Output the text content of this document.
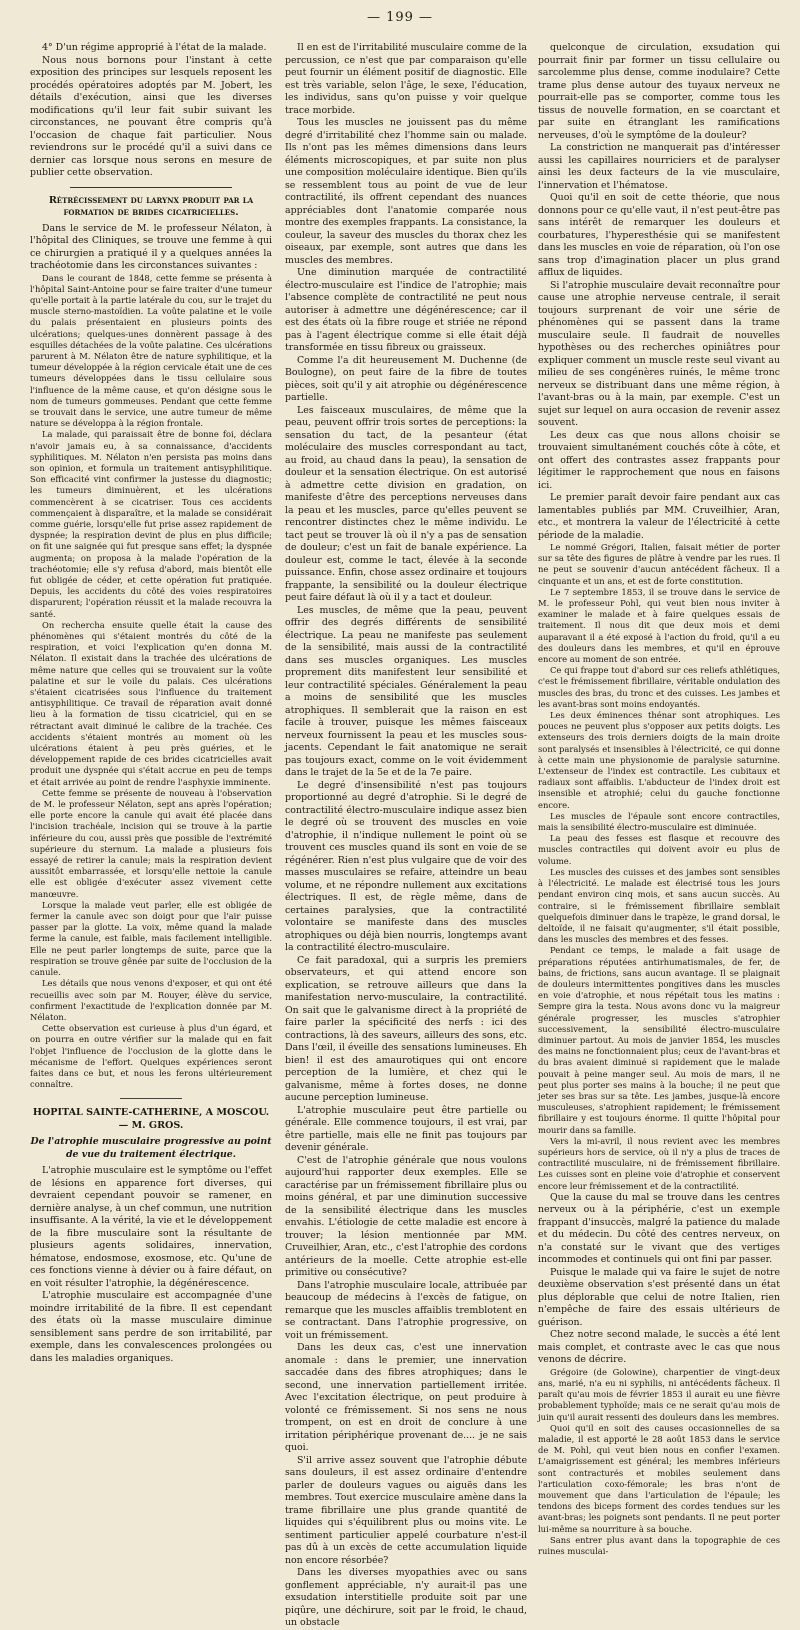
— 199 —

4° D'un régime approprié à l'état de la malade.

Nous nous bornons pour l'instant à cette exposition des principes sur lesquels reposent les procédés opératoires adoptés par M. Jobert, les détails d'exécution, ainsi que les diverses modifications qu'il leur fait subir suivant les circonstances, ne pouvant être compris qu'à l'occasion de chaque fait particulier. Nous reviendrons sur le procédé qu'il a suivi dans ce dernier cas lorsque nous serons en mesure de publier cette observation.

Rétrécissement du larynx produit par la formation de brides cicatricielles.

Dans le service de M. le professeur Nélaton, à l'hôpital des Cliniques, se trouve une femme à qui ce chirurgien a pratiqué il y a quelques années la trachéotomie dans les circonstances suivantes :

Dans le courant de 1848, cette femme se présenta à l'hôpital Saint-Antoine pour se faire traiter d'une tumeur qu'elle portait à la partie latérale du cou, sur le trajet du muscle sterno-mastoïdien. La voûte palatine et le voile du palais présentaient en plusieurs points des ulcérations; quelques-unes donnèrent passage à des esquilles détachées de la voûte palatine. Ces ulcérations parurent à M. Nélaton être de nature syphilitique, et la tumeur développée à la région cervicale était une de ces tumeurs développées dans le tissu cellulaire sous l'influence de la même cause, et qu'on désigne sous le nom de tumeurs gommeuses. Pendant que cette femme se trouvait dans le service, une autre tumeur de même nature se développa à la région frontale.

La malade, qui paraissait être de bonne foi, déclara n'avoir jamais eu, à sa connaissance, d'accidents syphilitiques. M. Nélaton n'en persista pas moins dans son opinion, et formula un traitement antisyphilitique. Son efficacité vint confirmer la justesse du diagnostic; les tumeurs diminuèrent, et les ulcérations commencèrent à se cicatriser. Tous ces accidents commençaient à disparaître, et la malade se considérait comme guérie, lorsqu'elle fut prise assez rapidement de dyspnée; la respiration devint de plus en plus difficile; on fit une saignée qui fut presque sans effet; la dyspnée augmenta; on proposa à la malade l'opération de la trachéotomie; elle s'y refusa d'abord, mais bientôt elle fut obligée de céder, et cette opération fut pratiquée. Depuis, les accidents du côté des voies respiratoires disparurent; l'opération réussit et la malade recouvra la santé.

On rechercha ensuite quelle était la cause des phénomènes qui s'étaient montrés du côté de la respiration, et voici l'explication qu'en donna M. Nélaton. Il existait dans la trachée des ulcérations de même nature que celles qui se trouvaient sur la voûte palatine et sur le voile du palais. Ces ulcérations s'étaient cicatrisées sous l'influence du traitement antisyphilitique. Ce travail de réparation avait donné lieu à la formation de tissu cicatriciel, qui en se rétractant avait diminué le calibre de la trachée. Ces accidents s'étaient montrés au moment où les ulcérations étaient à peu près guéries, et le développement rapide de ces brides cicatricielles avait produit une dyspnée qui s'était accrue en peu de temps et était arrivée au point de rendre l'asphyxie imminente.

Cette femme se présente de nouveau à l'observation de M. le professeur Nélaton, sept ans après l'opération; elle porte encore la canule qui avait été placée dans l'incision trachéale, incision qui se trouve à la partie inférieure du cou, aussi près que possible de l'extrémité supérieure du sternum. La malade a plusieurs fois essayé de retirer la canule; mais la respiration devient aussitôt embarrassée, et lorsqu'elle nettoie la canule elle est obligée d'exécuter assez vivement cette manœuvre.

Lorsque la malade veut parler, elle est obligée de fermer la canule avec son doigt pour que l'air puisse passer par la glotte. La voix, même quand la malade ferme la canule, est faible, mais facilement intelligible. Elle ne peut parler longtemps de suite, parce que la respiration se trouve gênée par suite de l'occlusion de la canule.

Les détails que nous venons d'exposer, et qui ont été recueillis avec soin par M. Rouyer, élève du service, confirment l'exactitude de l'explication donnée par M. Nélaton.

Cette observation est curieuse à plus d'un égard, et on pourra en outre vérifier sur la malade qui en fait l'objet l'influence de l'occlusion de la glotte dans le mécanisme de l'effort. Quelques expériences seront faites dans ce but, et nous les ferons ultérieurement connaître.

HOPITAL SAINTE-CATHERINE, A MOSCOU. — M. GROS.
De l'atrophie musculaire progressive au point de vue du traitement électrique.

L'atrophie musculaire est le symptôme ou l'effet de lésions en apparence fort diverses, qui devraient cependant pouvoir se ramener, en dernière analyse, à un chef commun, une nutrition insuffisante. A la vérité, la vie et le développement de la fibre musculaire sont la résultante de plusieurs agents solidaires, innervation, hématose, endosmose, exosmose, etc. Qu'une de ces fonctions vienne à dévier ou à faire défaut, on en voit résulter l'atrophie, la dégénérescence.

L'atrophie musculaire est accompagnée d'une moindre irritabilité de la fibre. Il est cependant des états où la masse musculaire diminue sensiblement sans perdre de son irritabilité, par exemple, dans les convalescences prolongées ou dans les maladies organiques.

Il en est de l'irritabilité musculaire comme de la percussion, ce n'est que par comparaison qu'elle peut fournir un élément positif de diagnostic. Elle est très variable, selon l'âge, le sexe, l'éducation, les individus, sans qu'on puisse y voir quelque trace morbide.

Tous les muscles ne jouissent pas du même degré d'irritabilité chez l'homme sain ou malade. Ils n'ont pas les mêmes dimensions dans leurs éléments microscopiques, et par suite non plus une composition moléculaire identique. Bien qu'ils se ressemblent tous au point de vue de leur contractilité, ils offrent cependant des nuances appréciables dont l'anatomie comparée nous montre des exemples frappants. La consistance, la couleur, la saveur des muscles du thorax chez les oiseaux, par exemple, sont autres que dans les muscles des membres.

Une diminution marquée de contractilité électro-musculaire est l'indice de l'atrophie; mais l'absence complète de contractilité ne peut nous autoriser à admettre une dégénérescence; car il est des états où la fibre rouge et striée ne répond pas à l'agent électrique comme si elle était déjà transformée en tissu fibreux ou graisseux.

Comme l'a dit heureusement M. Duchenne (de Boulogne), on peut faire de la fibre de toutes pièces, soit qu'il y ait atrophie ou dégénérescence partielle.

Les faisceaux musculaires, de même que la peau, peuvent offrir trois sortes de perceptions: la sensation du tact, de la pesanteur (état moléculaire des muscles correspondant au tact, au froid, au chaud dans la peau), la sensation de douleur et la sensation électrique. On est autorisé à admettre cette division en gradation, on manifeste d'être des perceptions nerveuses dans la peau et les muscles, parce qu'elles peuvent se rencontrer distinctes chez le même individu. Le tact peut se trouver là où il n'y a pas de sensation de douleur; c'est un fait de banale expérience. La douleur est, comme le tact, élevée à la seconde puissance. Enfin, chose assez ordinaire et toujours frappante, la sensibilité ou la douleur électrique peut faire défaut là où il y a tact et douleur.

Les muscles, de même que la peau, peuvent offrir des degrés différents de sensibilité électrique. La peau ne manifeste pas seulement de la sensibilité, mais aussi de la contractilité dans ses muscles organiques. Les muscles proprement dits manifestent leur sensibilité et leur contractilité spéciales. Généralement la peau a moins de sensibilité que les muscles atrophiques. Il semblerait que la raison en est facile à trouver, puisque les mêmes faisceaux nerveux fournissent la peau et les muscles sous-jacents. Cependant le fait anatomique ne serait pas toujours exact, comme on le voit évidemment dans le trajet de la 5e et de la 7e paire.

Le degré d'insensibilité n'est pas toujours proportionné au degré d'atrophie. Si le degré de contractilité électro-musculaire indique assez bien le degré où se trouvent des muscles en voie d'atrophie, il n'indique nullement le point où se trouvent ces muscles quand ils sont en voie de se régénérer. Rien n'est plus vulgaire que de voir des masses musculaires se refaire, atteindre un beau volume, et ne répondre nullement aux excitations électriques. Il est, de règle même, dans de certaines paralysies, que la contractilité volontaire se manifeste dans des muscles atrophiques ou déjà bien nourris, longtemps avant la contractilité électro-musculaire.

Ce fait paradoxal, qui a surpris les premiers observateurs, et qui attend encore son explication, se retrouve ailleurs que dans la manifestation nervo-musculaire, la contractilité. On sait que le galvanisme direct à la propriété de faire parler la spécificité des nerfs : ici des contractions, là des saveurs, ailleurs des sons, etc. Dans l'œil, il éveille des sensations lumineuses. Eh bien! il est des amaurotiques qui ont encore perception de la lumière, et chez qui le galvanisme, même à fortes doses, ne donne aucune perception lumineuse.

L'atrophie musculaire peut être partielle ou générale. Elle commence toujours, il est vrai, par être partielle, mais elle ne finit pas toujours par devenir générale.

C'est de l'atrophie générale que nous voulons aujourd'hui rapporter deux exemples. Elle se caractérise par un frémissement fibrillaire plus ou moins général, et par une diminution successive de la sensibilité électrique dans les muscles envahis. L'étiologie de cette maladie est encore à trouver; la lésion mentionnée par MM. Cruveilhier, Aran, etc., c'est l'atrophie des cordons antérieurs de la moelle. Cette atrophie est-elle primitive ou consécutive?

Dans l'atrophie musculaire locale, attribuée par beaucoup de médecins à l'excès de fatigue, on remarque que les muscles affaiblis tremblotent en se contractant. Dans l'atrophie progressive, on voit un frémissement.

Dans les deux cas, c'est une innervation anomale : dans le premier, une innervation saccadée dans des fibres atrophiques; dans le second, une innervation partiellement irritée. Avec l'excitation électrique, on peut produire à volonté ce frémissement. Si nos sens ne nous trompent, on est en droit de conclure à une irritation périphérique provenant de.... je ne sais quoi.

S'il arrive assez souvent que l'atrophie débute sans douleurs, il est assez ordinaire d'entendre parler de douleurs vagues ou aiguës dans les membres. Tout exercice musculaire amène dans la trame fibrillaire une plus grande quantité de liquides qui s'équilibrent plus ou moins vite. Le sentiment particulier appelé courbature n'est-il pas dû à un excès de cette accumulation liquide non encore résorbée?

Dans les diverses myopathies avec ou sans gonflement appréciable, n'y aurait-il pas une exsudation interstitielle produite soit par une piqûre, une déchirure, soit par le froid, le chaud, un obstacle

quelconque de circulation, exsudation qui pourrait finir par former un tissu cellulaire ou sarcolemme plus dense, comme inodulaire? Cette trame plus dense autour des tuyaux nerveux ne pourrait-elle pas se comporter, comme tous les tissus de nouvelle formation, en se coarctant et par suite en étranglant les ramifications nerveuses, d'où le symptôme de la douleur?

La constriction ne manquerait pas d'intéresser aussi les capillaires nourriciers et de paralyser ainsi les deux facteurs de la vie musculaire, l'innervation et l'hématose.

Quoi qu'il en soit de cette théorie, que nous donnons pour ce qu'elle vaut, il n'est peut-être pas sans intérêt de remarquer les douleurs et courbatures, l'hyperesthésie qui se manifestent dans les muscles en voie de réparation, où l'on ose sans trop d'imagination placer un plus grand afflux de liquides.

Si l'atrophie musculaire devait reconnaître pour cause une atrophie nerveuse centrale, il serait toujours surprenant de voir une série de phénomènes qui se passent dans la trame musculaire seule. Il faudrait de nouvelles hypothèses ou des recherches opiniâtres pour expliquer comment un muscle reste seul vivant au milieu de ses congénères ruinés, le même tronc nerveux se distribuant dans une même région, à l'avant-bras ou à la main, par exemple. C'est un sujet sur lequel on aura occasion de revenir assez souvent.

Les deux cas que nous allons choisir se trouvaient simultanément couchés côte à côte, et ont offert des contrastes assez frappants pour légitimer le rapprochement que nous en faisons ici.

Le premier paraît devoir faire pendant aux cas lamentables publiés par MM. Cruveilhier, Aran, etc., et montrera la valeur de l'électricité à cette période de la maladie.

Le nommé Grégori, Italien, faisait métier de porter sur sa tête des figures de plâtre à vendre par les rues. Il ne peut se souvenir d'aucun antécédent fâcheux. Il a cinquante et un ans, et est de forte constitution.

Le 7 septembre 1853, il se trouve dans le service de M. le professeur Pohl, qui veut bien nous inviter à examiner le malade et à faire quelques essais de traitement. Il nous dit que deux mois et demi auparavant il a été exposé à l'action du froid, qu'il a eu des douleurs dans les membres, et qu'il en éprouve encore au moment de son entrée.

Ce qui frappe tout d'abord sur ces reliefs athlétiques, c'est le frémissement fibrillaire, véritable ondulation des muscles des bras, du tronc et des cuisses. Les jambes et les avant-bras sont moins endoyantés.

Les deux éminences thénar sont atrophiques. Les pouces ne peuvent plus s'opposer aux petits doigts. Les extenseurs des trois derniers doigts de la main droite sont paralysés et insensibles à l'électricité, ce qui donne à cette main une physionomie de paralysie saturnine. L'extenseur de l'index est contractile. Les cubitaux et radiaux sont affaiblis. L'abducteur de l'index droit est insensible et atrophié; celui du gauche fonctionne encore.

Les muscles de l'épaule sont encore contractiles, mais la sensibilité électro-musculaire est diminuée.

La peau des fesses est flasque et recouvre des muscles contractiles qui doivent avoir eu plus de volume.

Les muscles des cuisses et des jambes sont sensibles à l'électricité. Le malade est électrisé tous les jours pendant environ cinq mois, et sans aucun succès. Au contraire, si le frémissement fibrillaire semblait quelquefois diminuer dans le trapèze, le grand dorsal, le deltoïde, il ne faisait qu'augmenter, s'il était possible, dans les muscles des membres et des fesses.

Pendant ce temps, le malade a fait usage de préparations réputées antirhumatismales, de fer, de bains, de frictions, sans aucun avantage. Il se plaignait de douleurs intermittentes pongitives dans les muscles en voie d'atrophie, et nous répétait tous les matins : Sempre gira la testa. Nous avons donc vu la maigreur générale progresser, les muscles s'atrophier successivement, la sensibilité électro-musculaire diminuer partout. Au mois de janvier 1854, les muscles des mains ne fonctionnaient plus; ceux de l'avant-bras et du bras avaient diminué si rapidement que le malade pouvait à peine manger seul. Au mois de mars, il ne peut plus porter ses mains à la bouche; il ne peut que jeter ses bras sur sa tête. Les jambes, jusque-là encore musculeuses, s'atrophient rapidement; le frémissement fibrillaire y est toujours énorme. Il quitte l'hôpital pour mourir dans sa famille.

Vers la mi-avril, il nous revient avec les membres supérieurs hors de service, où il n'y a plus de traces de contractilité musculaire, ni de frémissement fibrillaire. Les cuisses sont en pleine voie d'atrophie et conservent encore leur frémissement et de la contractilité.

Que la cause du mal se trouve dans les centres nerveux ou à la périphérie, c'est un exemple frappant d'insuccès, malgré la patience du malade et du médecin. Du côté des centres nerveux, on n'a constaté sur le vivant que des vertiges incommodes et continuels qui ont fini par passer.

Puisque le malade qui va faire le sujet de notre deuxième observation s'est présenté dans un état plus déplorable que celui de notre Italien, rien n'empêche de faire des essais ultérieurs de guérison.

Chez notre second malade, le succès a été lent mais complet, et contraste avec le cas que nous venons de décrire.

Grégoire (de Golowine), charpentier de vingt-deux ans, marié, n'a eu ni syphilis, ni antécédents fâcheux. Il paraît qu'au mois de février 1853 il aurait eu une fièvre probablement typhoïde; mais ce ne serait qu'au mois de juin qu'il aurait ressenti des douleurs dans les membres.

Quoi qu'il en soit des causes occasionnelles de sa maladie, il est apporté le 28 août 1853 dans le service de M. Pohl, qui veut bien nous en confier l'examen. L'amaigrissement est général; les membres inférieurs sont contracturés et mobiles seulement dans l'articulation coxo-fémorale; les bras n'ont de mouvement que dans l'articulation de l'épaule; les tendons des biceps forment des cordes tendues sur les avant-bras; les poignets sont pendants. Il ne peut porter lui-même sa nourriture à sa bouche.

Sans entrer plus avant dans la topographie de ces ruines musculai-
